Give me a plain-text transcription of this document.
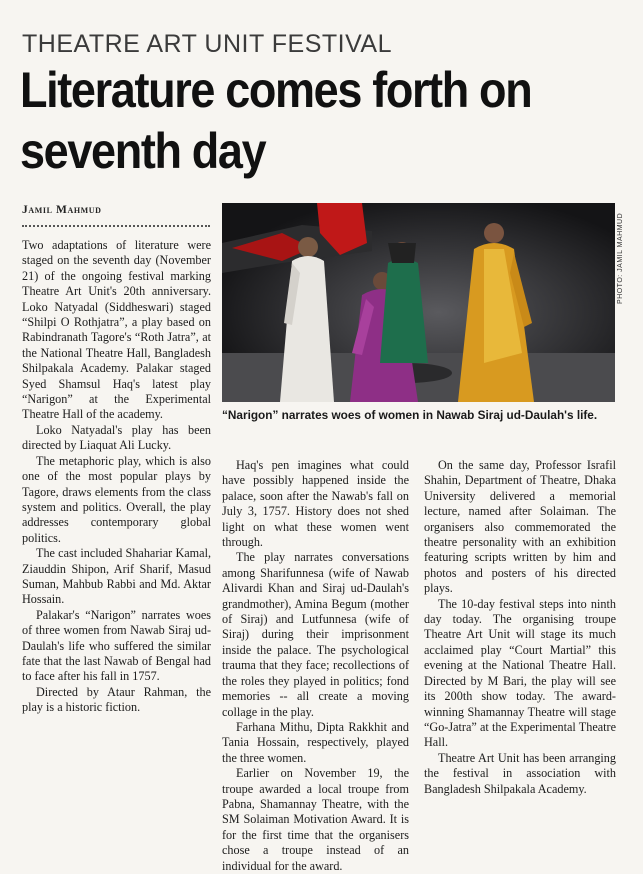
THEATRE ART UNIT FESTIVAL
Literature comes forth on seventh day
Jamil Mahmud

Two adaptations of literature were staged on the seventh day (November 21) of the ongoing festival marking Theatre Art Unit's 20th anniversary. Loko Natyadal (Siddheswari) staged “Shilpi O Rothjatra”, a play based on Rabindranath Tagore's “Roth Jatra”, at the National Theatre Hall, Bangladesh Shilpakala Academy. Palakar staged Syed Shamsul Haq's latest play “Narigon” at the Experimental Theatre Hall of the academy.

Loko Natyadal's play has been directed by Liaquat Ali Lucky.

The metaphoric play, which is also one of the most popular plays by Tagore, draws elements from the class system and politics. Overall, the play addresses contemporary global politics.

The cast included Shahariar Kamal, Ziauddin Shipon, Arif Sharif, Masud Suman, Mahbub Rabbi and Md. Aktar Hossain.

Palakar's “Narigon” narrates woes of three women from Nawab Siraj ud-Daulah's life who suffered the similar fate that the last Nawab of Bengal had to face after his fall in 1757.

Directed by Ataur Rahman, the play is a historic fiction.

Haq's pen imagines what could have possibly happened inside the palace, soon after the Nawab's fall on July 3, 1757. History does not shed light on what these women went through.

The play narrates conversations among Sharifunnesa (wife of Nawab Alivardi Khan and Siraj ud-Daulah's grandmother), Amina Begum (mother of Siraj) and Lutfunnesa (wife of Siraj) during their imprisonment inside the palace. The psychological trauma that they face; recollections of the roles they played in politics; fond memories -- all create a moving collage in the play.

Farhana Mithu, Dipta Rakkhit and Tania Hossain, respectively, played the three women.

Earlier on November 19, the troupe awarded a local troupe from Pabna, Shamannay Theatre, with the SM Solaiman Motivation Award. It is for the first time that the organisers chose a troupe instead of an individual for the award.

On the same day, Professor Israfil Shahin, Department of Theatre, Dhaka University delivered a memorial lecture, named after Solaiman. The organisers also commemorated the theatre personality with an exhibition featuring scripts written by him and photos and posters of his directed plays.

The 10-day festival steps into ninth day today. The organising troupe Theatre Art Unit will stage its much acclaimed play “Court Martial” this evening at the National Theatre Hall. Directed by M Bari, the play will see its 200th show today. The award-winning Shamannay Theatre will stage “Go-Jatra” at the Experimental Theatre Hall.

Theatre Art Unit has been arranging the festival in association with Bangladesh Shilpakala Academy.

PHOTO: JAMIL MAHMUD
“Narigon” narrates woes of women in Nawab Siraj ud-Daulah's life.
